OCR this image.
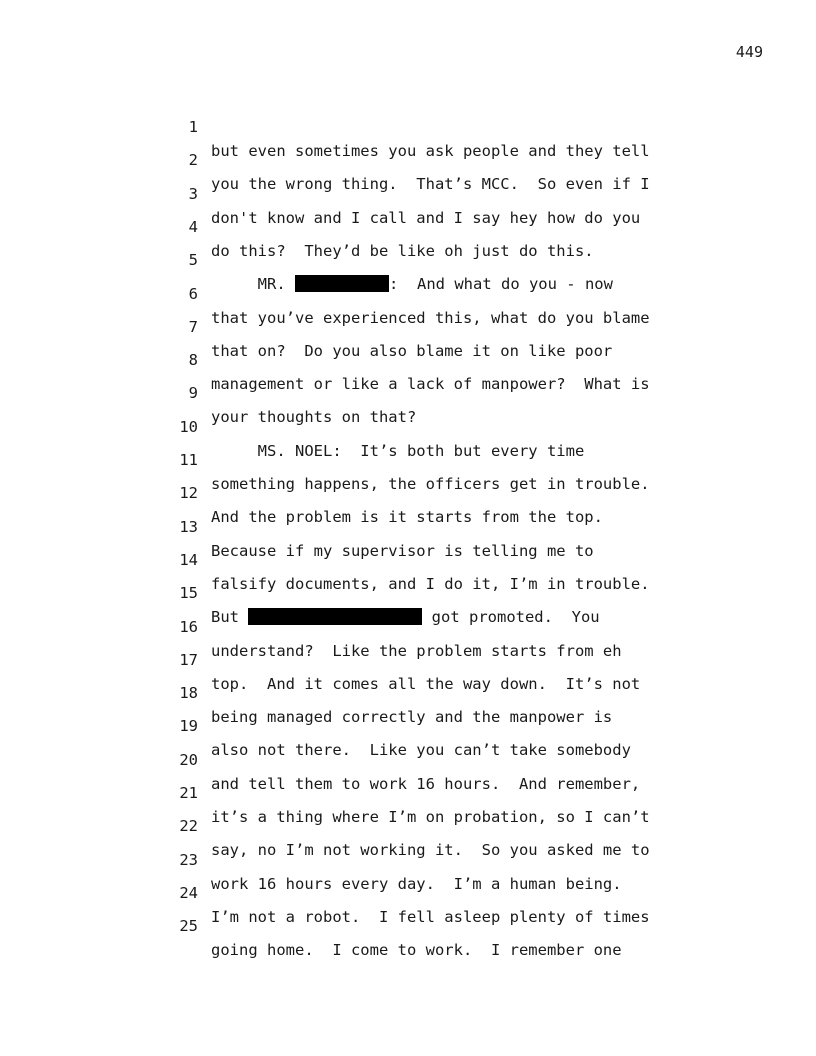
449

1

but even sometimes you ask people and they tell

2

you the wrong thing.  That’s MCC.  So even if I

3

don't know and I call and I say hey how do you

4

do this?  They’d be like oh just do this.

5

MR.	:  And what do you - now

6

that you’ve experienced this, what do you blame

7

that on?  Do you also blame it on like poor

8

management or like a lack of manpower?  What is

9

your thoughts on that?

10

MS. NOEL:  It’s both but every time

11

something happens, the officers get in trouble.

12

And the problem is it starts from the top.

13

Because if my supervisor is telling me to

14

falsify documents, and I do it, I’m in trouble.

15

But	got promoted.  You

16

understand?  Like the problem starts from eh

17

top.  And it comes all the way down.  It’s not

18

being managed correctly and the manpower is

19

also not there.  Like you can’t take somebody

20

and tell them to work 16 hours.  And remember,

21

it’s a thing where I’m on probation, so I can’t

22

say, no I’m not working it.  So you asked me to

23

work 16 hours every day.  I’m a human being.

24

I’m not a robot.  I fell asleep plenty of times

25

going home.  I come to work.  I remember one
